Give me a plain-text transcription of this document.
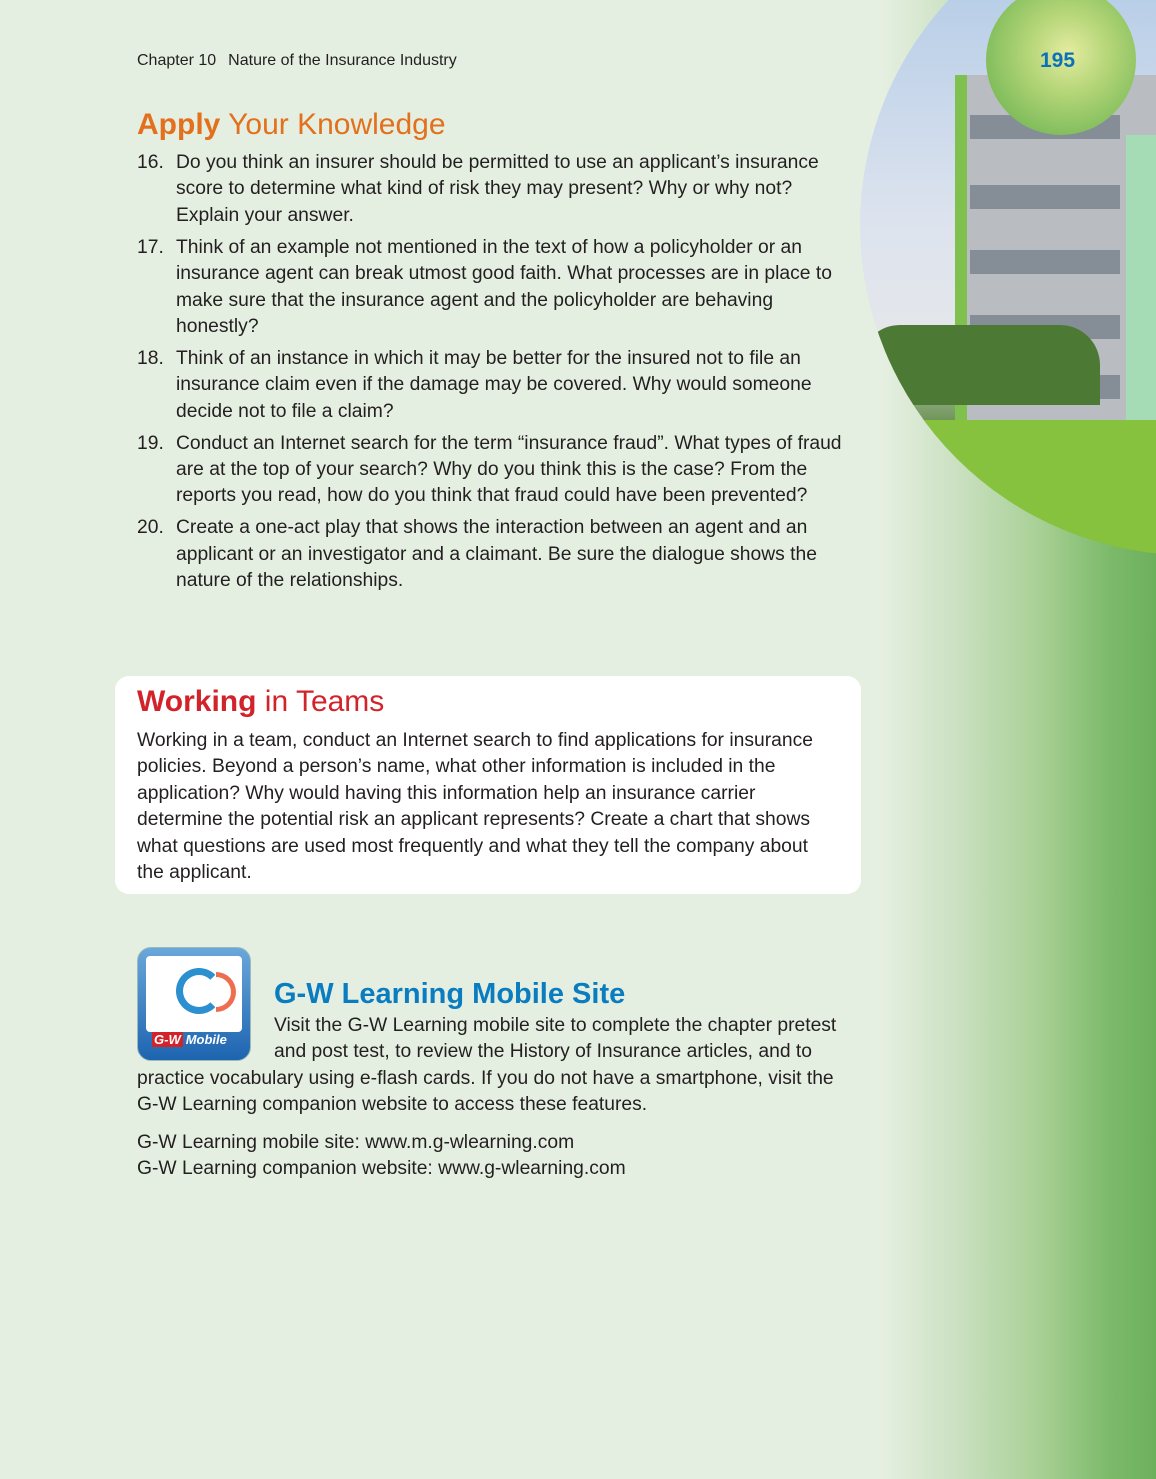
195
Chapter 10 Nature of the Insurance Industry
Apply Your Knowledge
16. Do you think an insurer should be permitted to use an applicant’s insurance score to determine what kind of risk they may present? Why or why not? Explain your answer.
17. Think of an example not mentioned in the text of how a policyholder or an insurance agent can break utmost good faith. What processes are in place to make sure that the insurance agent and the policyholder are behaving honestly?
18. Think of an instance in which it may be better for the insured not to file an insurance claim even if the damage may be covered. Why would someone decide not to file a claim?
19. Conduct an Internet search for the term “insurance fraud”. What types of fraud are at the top of your search? Why do you think this is the case? From the reports you read, how do you think that fraud could have been prevented?
20. Create a one-act play that shows the interaction between an agent and an applicant or an investigator and a claimant. Be sure the dialogue shows the nature of the relationships.
Working in Teams

Working in a team, conduct an Internet search to find applications for insurance policies. Beyond a person’s name, what other information is included in the application? Why would having this information help an insurance carrier determine the potential risk an applicant represents? Create a chart that shows what questions are used most frequently and what they tell the company about the applicant.

G-W Mobile
G-W Learning Mobile Site

Visit the G-W Learning mobile site to complete the chapter pretest and post test, to review the History of Insurance articles, and to practice vocabulary using e-flash cards. If you do not have a smartphone, visit the G-W Learning companion website to access these features.

G-W Learning mobile site: www.m.g-wlearning.com
G-W Learning companion website: www.g-wlearning.com
